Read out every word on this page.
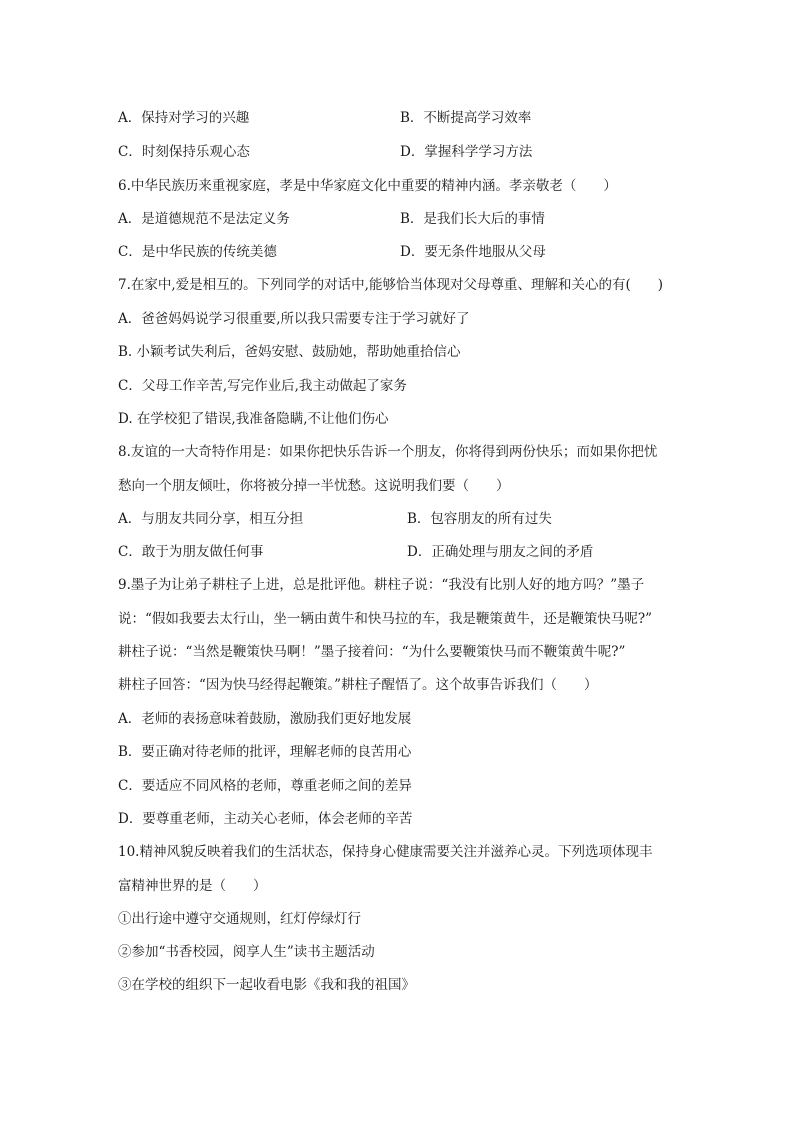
A．保持对学习的兴趣	B．不断提高学习效率
C．时刻保持乐观心态	D．掌握科学学习方法
6.中华民族历来重视家庭，孝是中华家庭文化中重要的精神内涵。孝亲敬老（　　）
A．是道德规范不是法定义务	B．是我们长大后的事情
C．是中华民族的传统美德	D．要无条件地服从父母
7.在家中,爱是相互的。下列同学的对话中,能够恰当体现对父母尊重、理解和关心的有(　　)
A．爸爸妈妈说学习很重要,所以我只需要专注于学习就好了
B. 小颖考试失利后，爸妈安慰、鼓励她，帮助她重拾信心
C．父母工作辛苦,写完作业后,我主动做起了家务
D. 在学校犯了错误,我准备隐瞒,不让他们伤心
8.友谊的一大奇特作用是：如果你把快乐告诉一个朋友，你将得到两份快乐；而如果你把忧
愁向一个朋友倾吐，你将被分掉一半忧愁。这说明我们要（　　）
A．与朋友共同分享，相互分担	B．包容朋友的所有过失
C．敢于为朋友做任何事	D．正确处理与朋友之间的矛盾
9.墨子为让弟子耕柱子上进，总是批评他。耕柱子说：“我没有比别人好的地方吗？”墨子
说：“假如我要去太行山，坐一辆由黄牛和快马拉的车，我是鞭策黄牛，还是鞭策快马呢?”
耕柱子说：“当然是鞭策快马啊！”墨子接着问：“为什么要鞭策快马而不鞭策黄牛呢?”
耕柱子回答：“因为快马经得起鞭策。”耕柱子醒悟了。这个故事告诉我们（　　）
A．老师的表扬意味着鼓励，激励我们更好地发展
B．要正确对待老师的批评，理解老师的良苦用心
C．要适应不同风格的老师，尊重老师之间的差异
D．要尊重老师，主动关心老师，体会老师的辛苦
10.精神风貌反映着我们的生活状态，保持身心健康需要关注并滋养心灵。下列选项体现丰
富精神世界的是（　　）
①出行途中遵守交通规则，红灯停绿灯行
②参加“书香校园，阅享人生”读书主题活动
③在学校的组织下一起收看电影《我和我的祖国》
